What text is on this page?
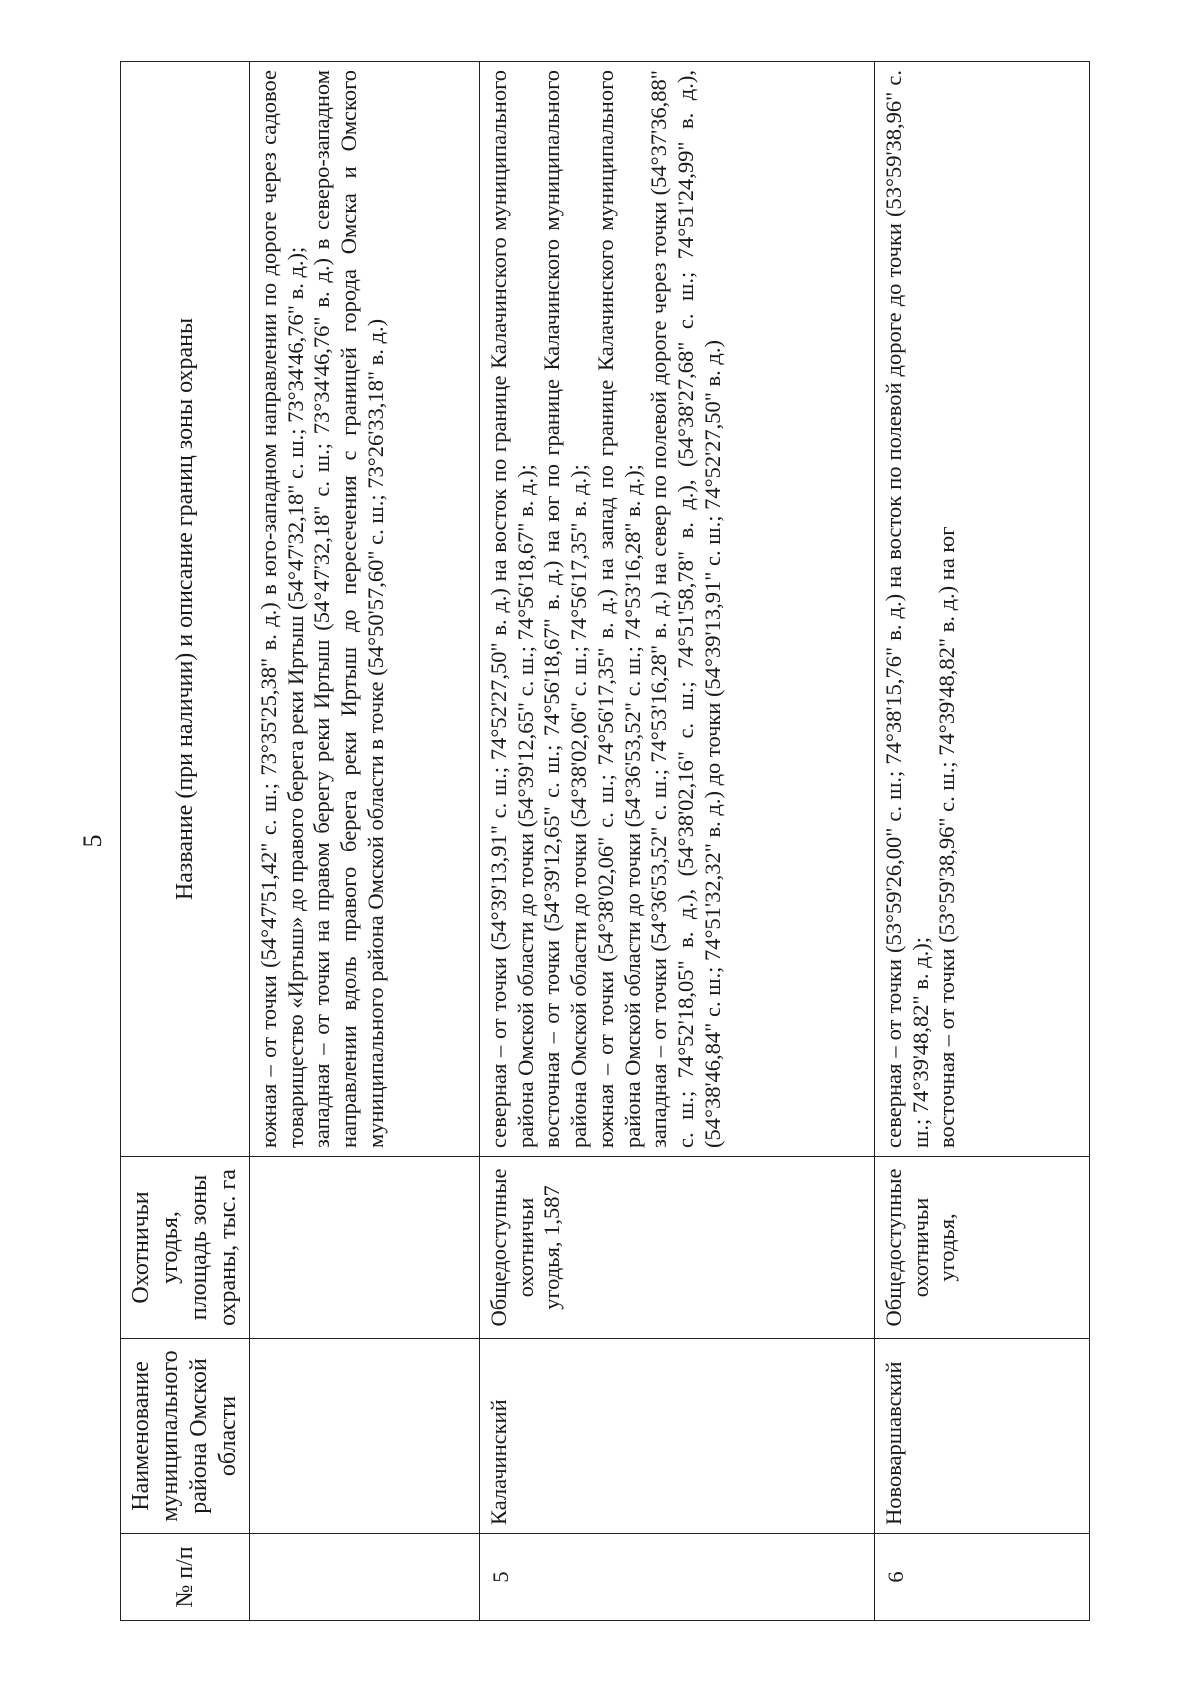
5
№ п/п	Наименование муниципального района Омской области	Охотничьи угодья, площадь зоны охраны, тыс. га	Название (при наличии) и описание границ зоны охраны

			южная – от точки (54°47'51,42" с. ш.; 73°35'25,38" в. д.) в юго-западном направлении по дороге через садовое товарищество «Иртыш» до правого берега реки Иртыш (54°47'32,18" с. ш.; 73°34'46,76" в. д.); западная – от точки на правом берегу реки Иртыш (54°47'32,18" с. ш.; 73°34'46,76" в. д.) в северо-западном направлении вдоль правого берега реки Иртыш до пересечения с границей города Омска и Омского муниципального района Омской области в точке (54°50'57,60" с. ш.; 73°26'33,18" в. д.)

5	Калачинский	Общедоступные охотничьи угодья, 1,587	северная – от точки (54°39'13,91" с. ш.; 74°52'27,50" в. д.) на восток по границе Калачинского муниципального района Омской области до точки (54°39'12,65" с. ш.; 74°56'18,67" в. д.); восточная – от точки (54°39'12,65" с. ш.; 74°56'18,67" в. д.) на юг по границе Калачинского муниципального района Омской области до точки (54°38'02,06" с. ш.; 74°56'17,35" в. д.); южная – от точки (54°38'02,06" с. ш.; 74°56'17,35" в. д.) на запад по границе Калачинского муниципального района Омской области до точки (54°36'53,52" с. ш.; 74°53'16,28" в. д.); западная – от точки (54°36'53,52" с. ш.; 74°53'16,28" в. д.) на север по полевой дороге через точки (54°37'36,88" с. ш.; 74°52'18,05" в. д.), (54°38'02,16" с. ш.; 74°51'58,78" в. д.), (54°38'27,68" с. ш.; 74°51'24,99" в. д.), (54°38'46,84" с. ш.; 74°51'32,32" в. д.) до точки (54°39'13,91" с. ш.; 74°52'27,50" в. д.)

6	Нововаршавский	Общедоступные охотничьи угодья,	северная – от точки (53°59'26,00" с. ш.; 74°38'15,76" в. д.) на восток по полевой дороге до точки (53°59'38,96" с. ш.; 74°39'48,82" в. д.); восточная – от точки (53°59'38,96" с. ш.; 74°39'48,82" в. д.) на юг
